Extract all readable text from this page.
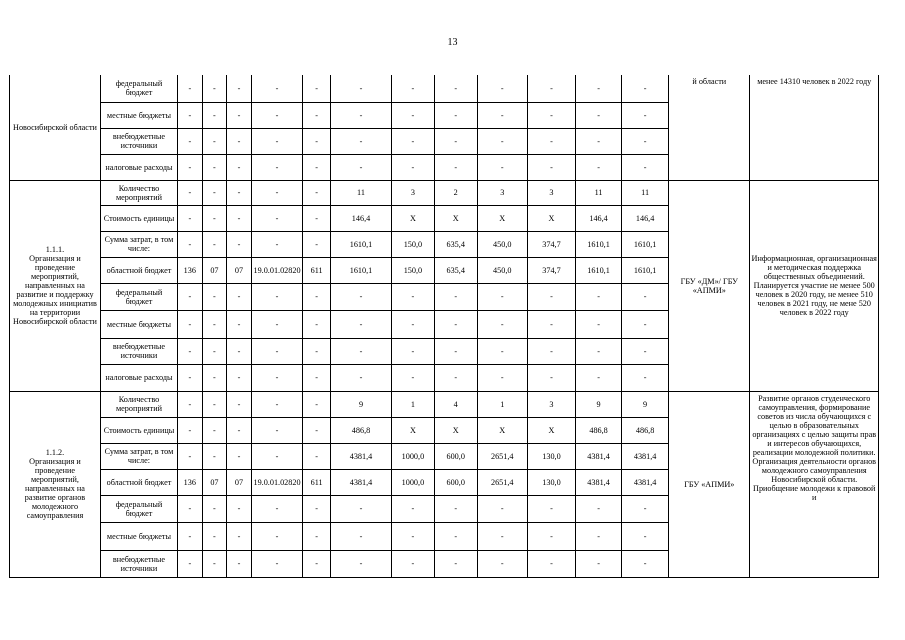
13
Новосибирской области	федеральный бюджет	-	-	-	-	-	-	-	-	-	-	-	-	й области	менее 14310 человек в 2022 году
	местные бюджеты	-	-	-	-	-	-	-	-	-	-	-	-		
	внебюджетные источники	-	-	-	-	-	-	-	-	-	-	-	-		
	налоговые расходы	-	-	-	-	-	-	-	-	-	-	-	-		

1.1.1.
Организация и проведение мероприятий, направленных на развитие и поддержку молодежных инициатив на территории Новосибирской области	Количество мероприятий	-	-	-	-	-	11	3	2	3	3	11	11	ГБУ «ДМ»/ ГБУ «АПМИ»	Информационная, организационная и методическая поддержка общественных объединений. Планируется участие не менее 500 человек в 2020 году, не менее 510 человек в 2021 году, не мене 520 человек в 2022 году
	Стоимость единицы	-	-	-	-	-	146,4	X	X	X	X	146,4	146,4		
	Сумма затрат, в том числе:	-	-	-	-	-	1610,1	150,0	635,4	450,0	374,7	1610,1	1610,1		
	областной бюджет	136	07	07	19.0.01.02820	611	1610,1	150,0	635,4	450,0	374,7	1610,1	1610,1		
	федеральный бюджет	-	-	-	-	-	-	-	-	-	-	-	-		
	местные бюджеты	-	-	-	-	-	-	-	-	-	-	-	-		
	внебюджетные источники	-	-	-	-	-	-	-	-	-	-	-	-		
	налоговые расходы	-	-	-	-	-	-	-	-	-	-	-	-		

1.1.2.
Организация и проведение мероприятий, направленных на развитие органов молодежного самоуправления	Количество мероприятий	-	-	-	-	-	9	1	4	1	3	9	9	ГБУ «АПМИ»	Развитие органов студенческого самоуправления, формирование советов из числа обучающихся с целью в образовательных организациях с целью защиты прав и интересов обучающихся, реализации молодежной политики. Организация деятельности органов молодежного самоуправления Новосибирской области. Приобщение молодежи к правовой и
	Стоимость единицы	-	-	-	-	-	486,8	X	X	X	X	486,8	486,8		
	Сумма затрат, в том числе:	-	-	-	-	-	4381,4	1000,0	600,0	2651,4	130,0	4381,4	4381,4		
	областной бюджет	136	07	07	19.0.01.02820	611	4381,4	1000,0	600,0	2651,4	130,0	4381,4	4381,4		
	федеральный бюджет	-	-	-	-	-	-	-	-	-	-	-	-		
	местные бюджеты	-	-	-	-	-	-	-	-	-	-	-	-		
	внебюджетные источники	-	-	-	-	-	-	-	-	-	-	-	-		
